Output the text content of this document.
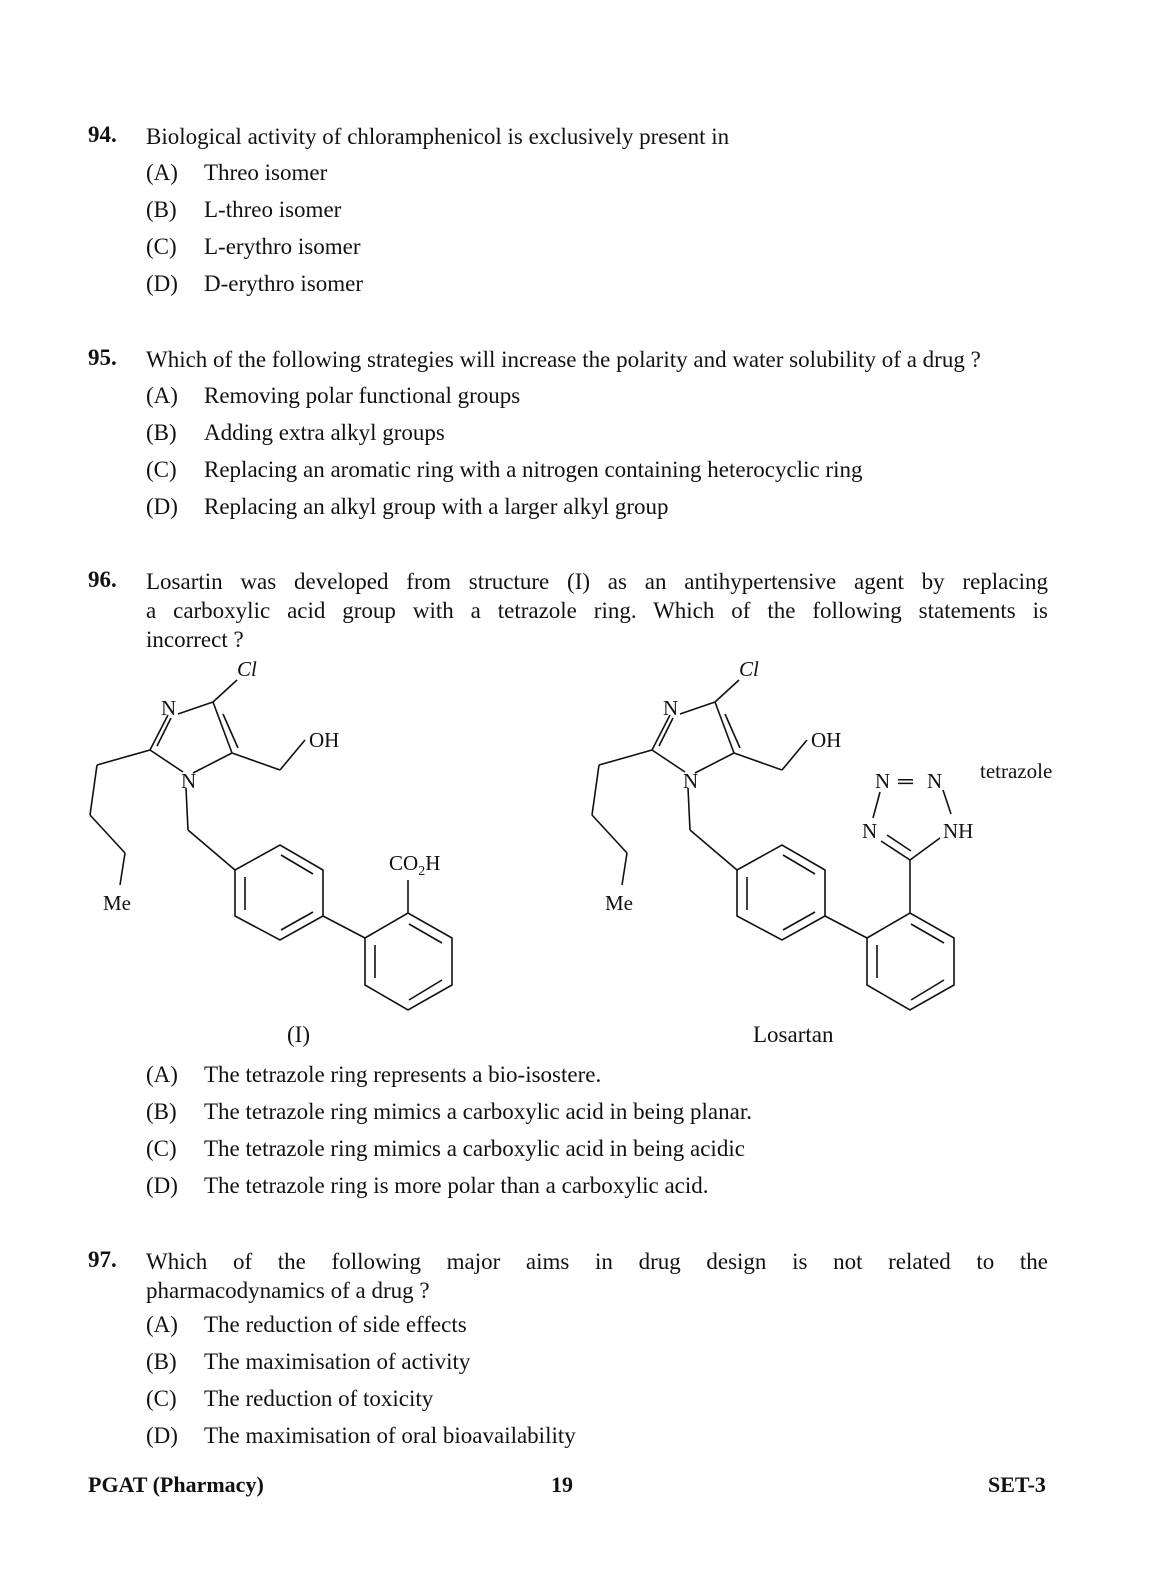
94. Biological activity of chloramphenicol is exclusively present in
(A) Threo isomer
(B) L-threo isomer
(C) L-erythro isomer
(D) D-erythro isomer
95. Which of the following strategies will increase the polarity and water solubility of a drug ?
(A) Removing polar functional groups
(B) Adding extra alkyl groups
(C) Replacing an aromatic ring with a nitrogen containing heterocyclic ring
(D) Replacing an alkyl group with a larger alkyl group
96. Losartin was developed from structure (I) as an antihypertensive agent by replacing
a carboxylic acid group with a tetrazole ring. Which of the following statements is
incorrect ?
Cl
N
N
OH
Me
$CO_2H$
Cl
N
N
OH
Me
N ═ N
N	NH
tetrazole
(I)	Losartan
(A) The tetrazole ring represents a bio-isostere.
(B) The tetrazole ring mimics a carboxylic acid in being planar.
(C) The tetrazole ring mimics a carboxylic acid in being acidic
(D) The tetrazole ring is more polar than a carboxylic acid.
97. Which of the following major aims in drug design is not related to the
pharmacodynamics of a drug ?
(A) The reduction of side effects
(B) The maximisation of activity
(C) The reduction of toxicity
(D) The maximisation of oral bioavailability
PGAT (Pharmacy)	19	SET-3
